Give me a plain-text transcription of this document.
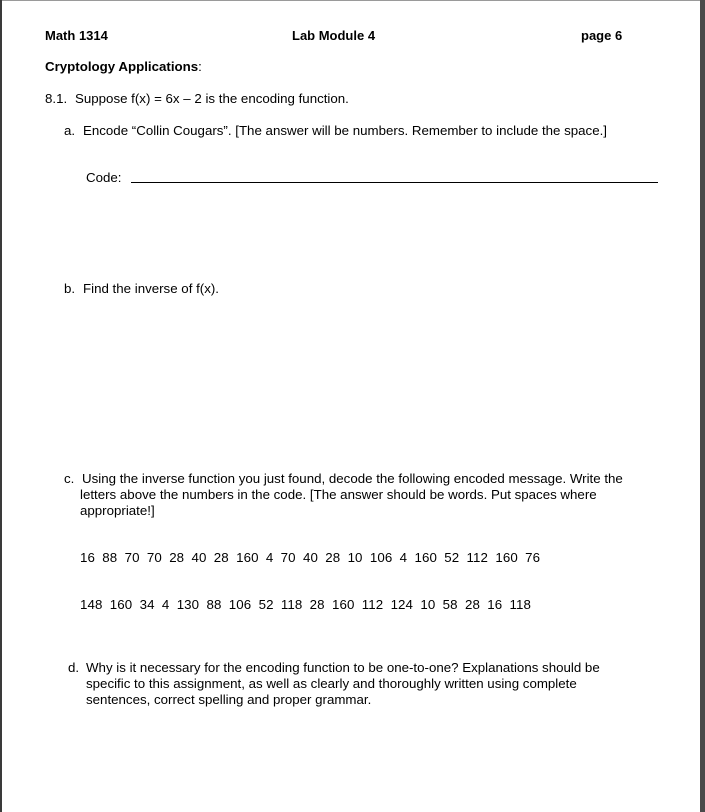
Math 1314	Lab Module 4	page 6
Cryptology Applications:
8.1. Suppose f(x) = 6x – 2 is the encoding function.
a. Encode “Collin Cougars”. [The answer will be numbers. Remember to include the space.]
Code:
b. Find the inverse of f(x).
c. Using the inverse function you just found, decode the following encoded message. Write the letters above the numbers in the code. [The answer should be words. Put spaces where appropriate!]
16 88 70 70 28 40 28 160 4 70 40 28 10 106 4 160 52 112 160 76
148 160 34 4 130 88 106 52 118 28 160 112 124 10 58 28 16 118
d. Why is it necessary for the encoding function to be one-to-one? Explanations should be specific to this assignment, as well as clearly and thoroughly written using complete sentences, correct spelling and proper grammar.
